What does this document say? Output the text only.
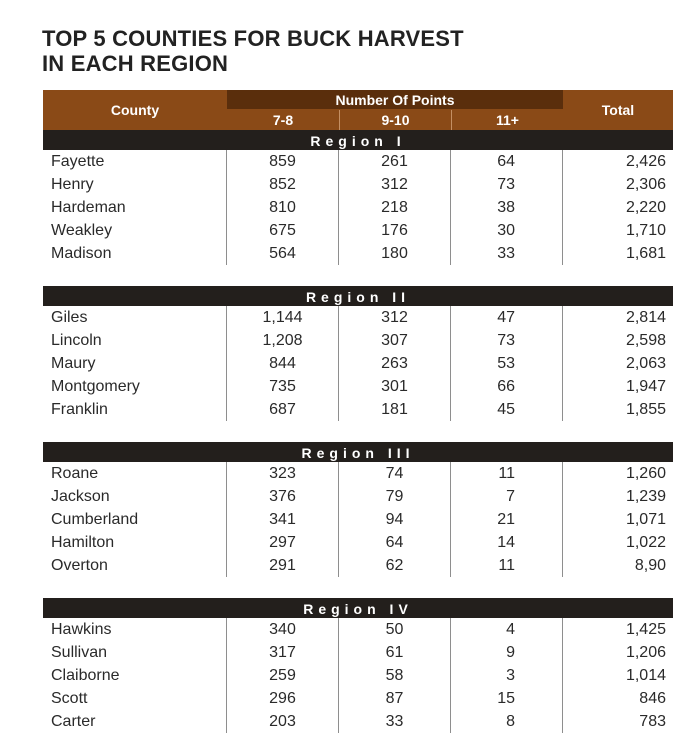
TOP 5 COUNTIES FOR BUCK HARVEST
IN EACH REGION
County
Number Of Points
7-8	9-10	11+
Total
Region I
Fayette	859	261	64	2,426
Henry	852	312	73	2,306
Hardeman	810	218	38	2,220
Weakley	675	176	30	1,710
Madison	564	180	33	1,681
Region II
Giles	1,144	312	47	2,814
Lincoln	1,208	307	73	2,598
Maury	844	263	53	2,063
Montgomery	735	301	66	1,947
Franklin	687	181	45	1,855
Region III
Roane	323	74	11	1,260
Jackson	376	79	7	1,239
Cumberland	341	94	21	1,071
Hamilton	297	64	14	1,022
Overton	291	62	11	8,90
Region IV
Hawkins	340	50	4	1,425
Sullivan	317	61	9	1,206
Claiborne	259	58	3	1,014
Scott	296	87	15	846
Carter	203	33	8	783
